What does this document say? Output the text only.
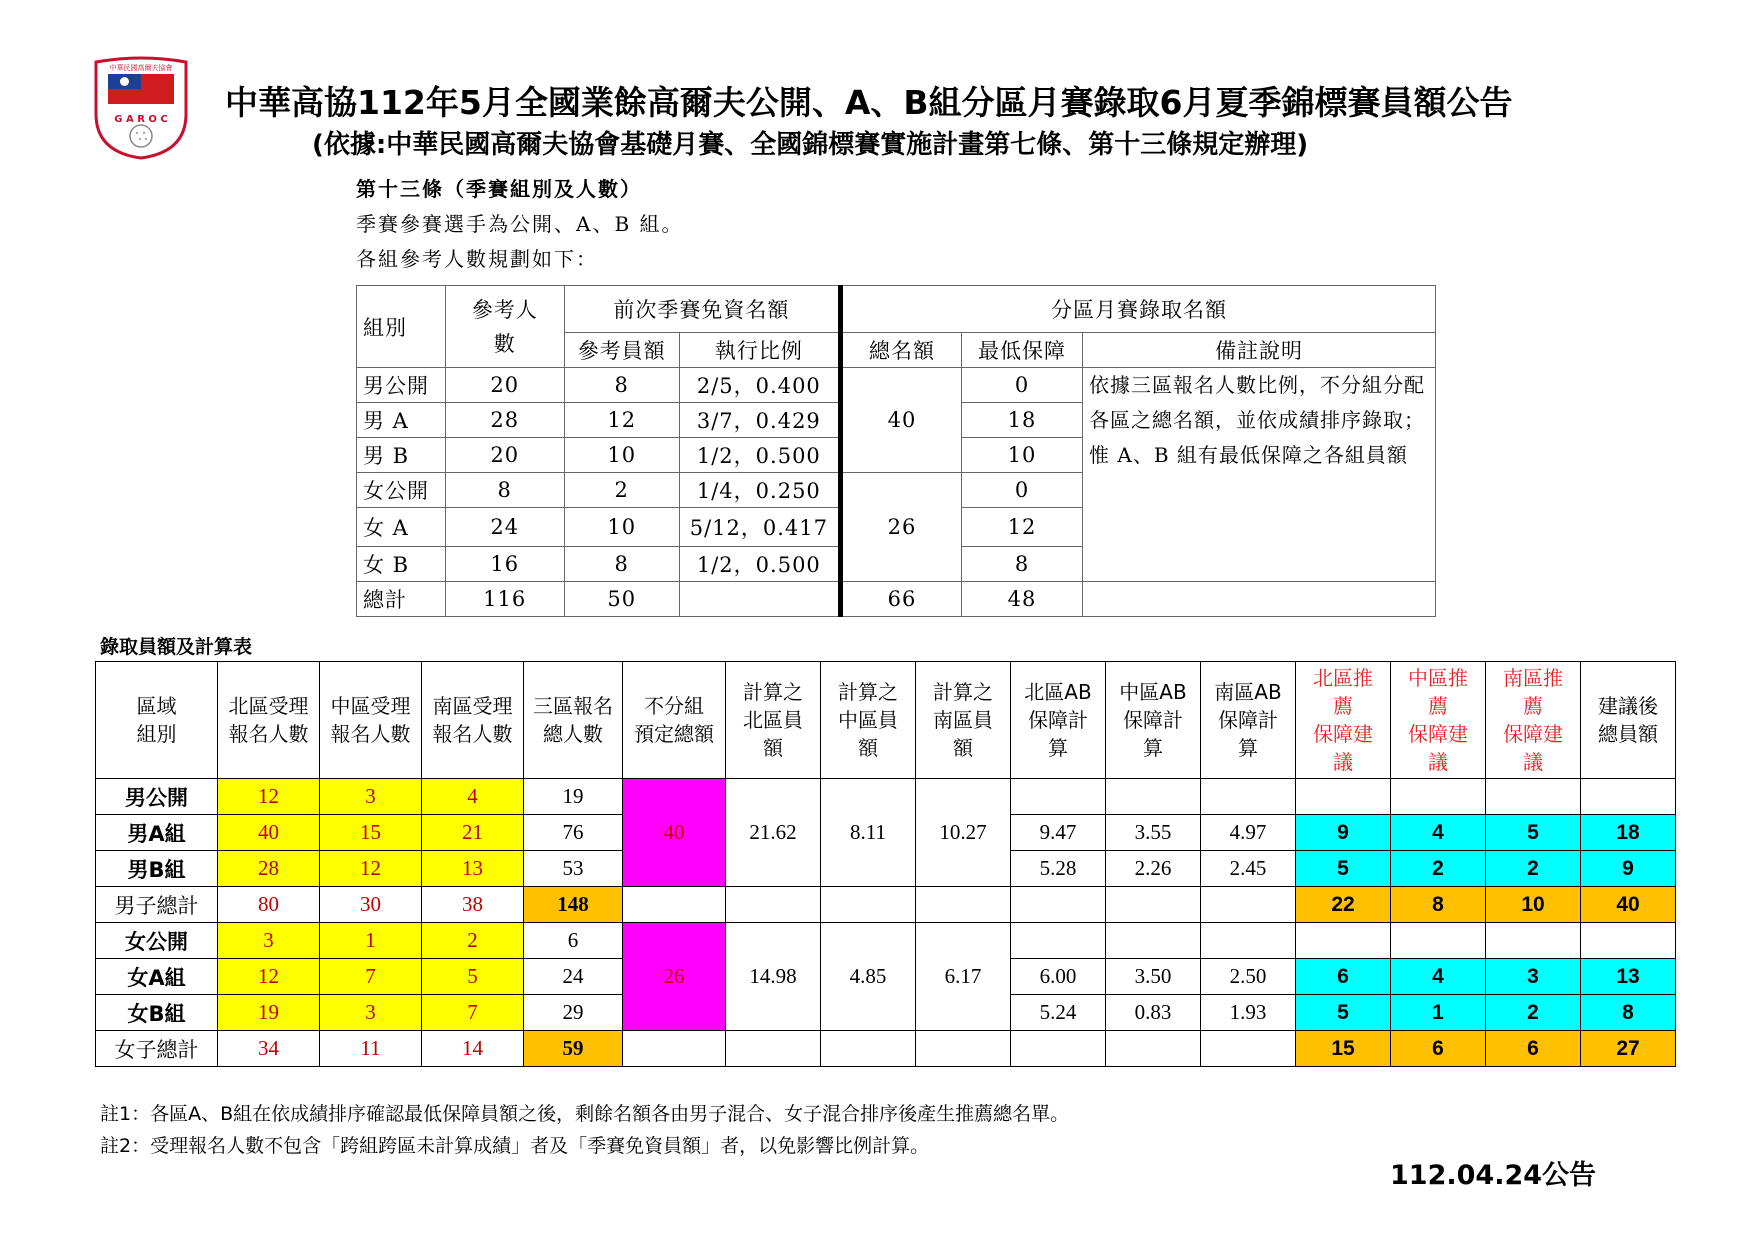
中華民國高爾夫協會
G A R O C 中華高協112年5月全國業餘高爾夫公開、A、B組分區月賽錄取6月夏季錦標賽員額公告
(依據:中華民國高爾夫協會基礎月賽、全國錦標賽實施計畫第七條、第十三條規定辦理)
第十三條（季賽組別及人數）
季賽參賽選手為公開、A、B 組。
各組參考人數規劃如下：
組別	參考人數	前次季賽免資名額		分區月賽錄取名額		
		參考員額	執行比例	總名額	最低保障	備註說明
男公開	20	8	2/5，0.400	40	0	依據三區報名人數比例，不分組分配各區之總名額，並依成績排序錄取；惟 A、B 組有最低保障之各組員額
男 A	28	12	3/7，0.429		18	
男 B	20	10	1/2，0.500		10	
女公開	8	2	1/4，0.250	26	0	
女 A	24	10	5/12，0.417		12	
女 B	16	8	1/2，0.500		8	
總計	116	50		66	48	
錄取員額及計算表
區域
組別	北區受理
報名人數	中區受理
報名人數	南區受理
報名人數	三區報名
總人數	不分組
預定總額	計算之
北區員
額	計算之
中區員
額	計算之
南區員
額	北區AB
保障計
算	中區AB
保障計
算	南區AB
保障計
算	北區推
薦
保障建
議	中區推
薦
保障建
議	南區推
薦
保障建
議	建議後
總員額
男公開	12	3	4	19	40	21.62	8.11	10.27							
男A組	40	15	21	76					9.47	3.55	4.97	9	4	5	18
男B組	28	12	13	53					5.28	2.26	2.45	5	2	2	9
男子總計	80	30	38	148								22	8	10	40
女公開	3	1	2	6	26	14.98	4.85	6.17							
女A組	12	7	5	24					6.00	3.50	2.50	6	4	3	13
女B組	19	3	7	29					5.24	0.83	1.93	5	1	2	8
女子總計	34	11	14	59								15	6	6	27
註1：各區A、B組在依成績排序確認最低保障員額之後，剩餘名額各由男子混合、女子混合排序後產生推薦總名單。
註2：受理報名人數不包含「跨組跨區未計算成績」者及「季賽免資員額」者，以免影響比例計算。
112.04.24公告
